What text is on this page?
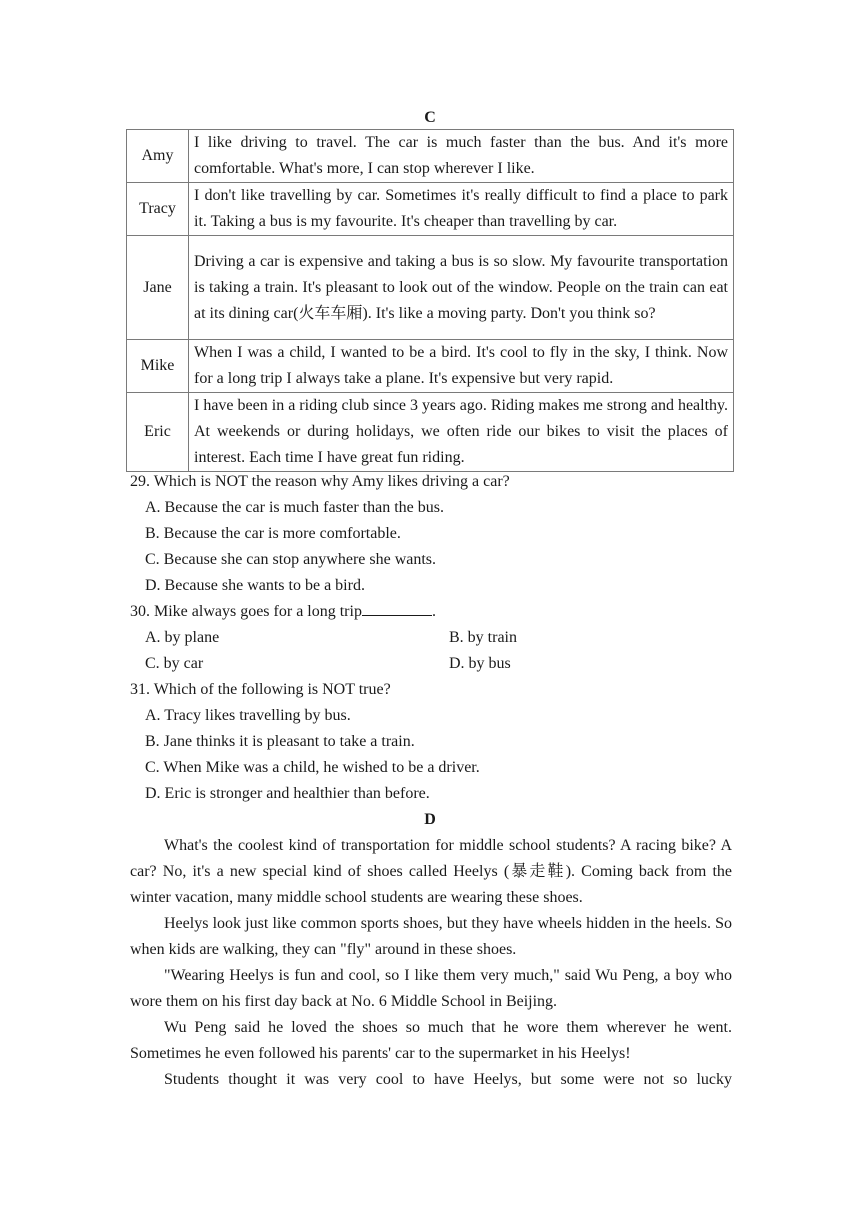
C
Amy	I like driving to travel. The car is much faster than the bus. And it's more comfortable. What's more, I can stop wherever I like.
Tracy	I don't like travelling by car. Sometimes it's really difficult to find a place to park it. Taking a bus is my favourite. It's cheaper than travelling by car.
Jane	Driving a car is expensive and taking a bus is so slow. My favourite transportation is taking a train. It's pleasant to look out of the window. People on the train can eat at its dining car(火车车厢). It's like a moving party. Don't you think so?
Mike	When I was a child, I wanted to be a bird. It's cool to fly in the sky, I think. Now for a long trip I always take a plane. It's expensive but very rapid.
Eric	I have been in a riding club since 3 years ago. Riding makes me strong and healthy. At weekends or during holidays, we often ride our bikes to visit the places of interest. Each time I have great fun riding.
29. Which is NOT the reason why Amy likes driving a car?
A. Because the car is much faster than the bus.
B. Because the car is more comfortable.
C. Because she can stop anywhere she wants.
D. Because she wants to be a bird.
30. Mike always goes for a long trip	.
A. by plane	B. by train
C. by car	D. by bus
31. Which of the following is NOT true?
A. Tracy likes travelling by bus.
B. Jane thinks it is pleasant to take a train.
C. When Mike was a child, he wished to be a driver.
D. Eric is stronger and healthier than before.
D
What's the coolest kind of transportation for middle school students? A racing bike? A car? No, it's a new special kind of shoes called Heelys (暴走鞋). Coming back from the winter vacation, many middle school students are wearing these shoes.
Heelys look just like common sports shoes, but they have wheels hidden in the heels. So when kids are walking, they can "fly" around in these shoes.
"Wearing Heelys is fun and cool, so I like them very much," said Wu Peng, a boy who wore them on his first day back at No. 6 Middle School in Beijing.
Wu Peng said he loved the shoes so much that he wore them wherever he went. Sometimes he even followed his parents' car to the supermarket in his Heelys!
Students thought it was very cool to have Heelys, but some were not so lucky
